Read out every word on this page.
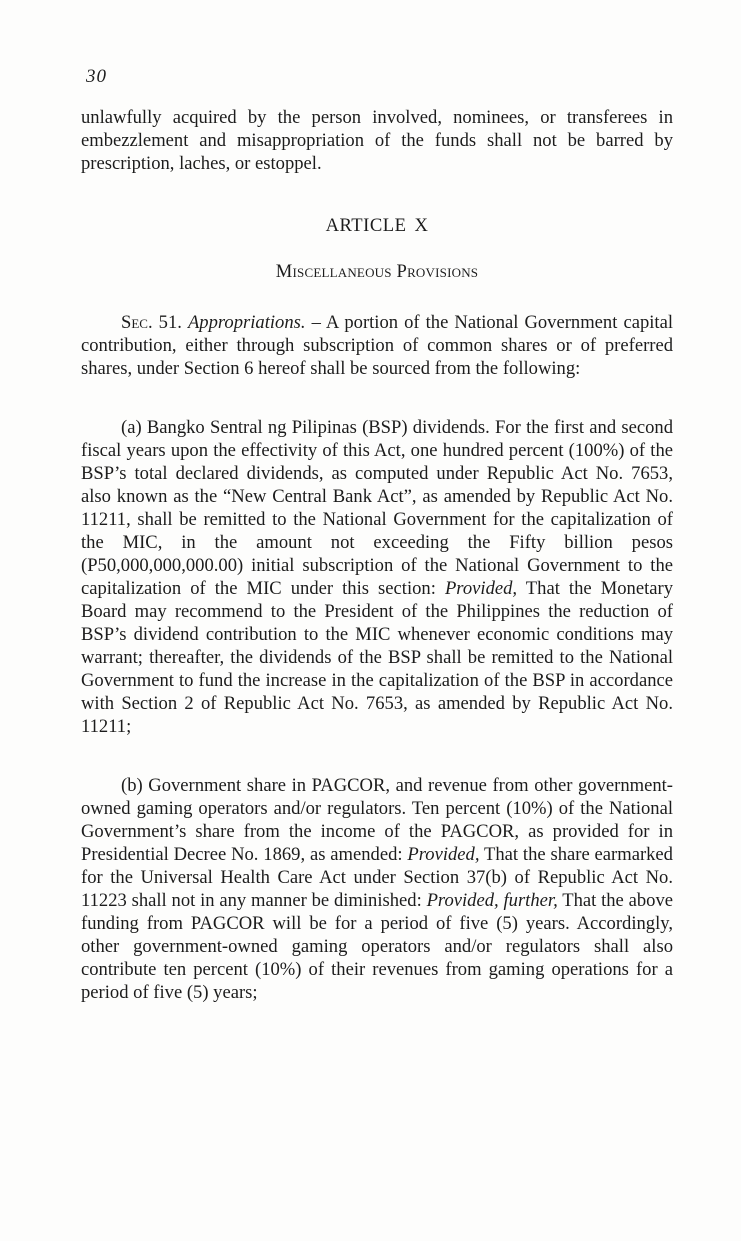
30

unlawfully acquired by the person involved, nominees, or transferees in embezzlement and misappropriation of the funds shall not be barred by prescription, laches, or estoppel.

ARTICLE X

Miscellaneous Provisions

Sec. 51. Appropriations. – A portion of the National Government capital contribution, either through subscription of common shares or of preferred shares, under Section 6 hereof shall be sourced from the following:

(a) Bangko Sentral ng Pilipinas (BSP) dividends. For the first and second fiscal years upon the effectivity of this Act, one hundred percent (100%) of the BSP’s total declared dividends, as computed under Republic Act No. 7653, also known as the “New Central Bank Act”, as amended by Republic Act No. 11211, shall be remitted to the National Government for the capitalization of the MIC, in the amount not exceeding the Fifty billion pesos (P50,000,000,000.00) initial subscription of the National Government to the capitalization of the MIC under this section: Provided, That the Monetary Board may recommend to the President of the Philippines the reduction of BSP’s dividend contribution to the MIC whenever economic conditions may warrant; thereafter, the dividends of the BSP shall be remitted to the National Government to fund the increase in the capitalization of the BSP in accordance with Section 2 of Republic Act No. 7653, as amended by Republic Act No. 11211;

(b) Government share in PAGCOR, and revenue from other government-owned gaming operators and/or regulators. Ten percent (10%) of the National Government’s share from the income of the PAGCOR, as provided for in Presidential Decree No. 1869, as amended: Provided, That the share earmarked for the Universal Health Care Act under Section 37(b) of Republic Act No. 11223 shall not in any manner be diminished: Provided, further, That the above funding from PAGCOR will be for a period of five (5) years. Accordingly, other government-owned gaming operators and/or regulators shall also contribute ten percent (10%) of their revenues from gaming operations for a period of five (5) years;
